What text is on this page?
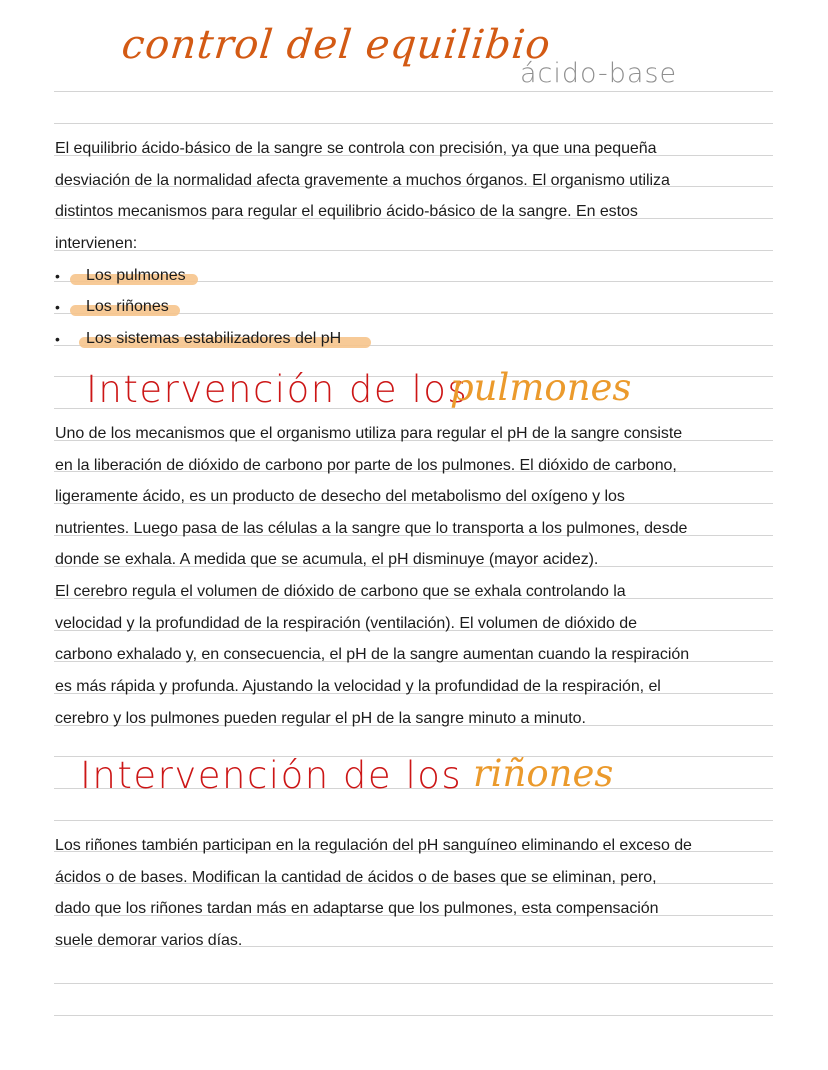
control del equilibio
ácido-base
El equilibrio ácido-básico de la sangre se controla con precisión, ya que una pequeña
desviación de la normalidad afecta gravemente a muchos órganos. El organismo utiliza
distintos mecanismos para regular el equilibrio ácido-básico de la sangre. En estos
intervienen:
• Los pulmones
• Los riñones
• Los sistemas estabilizadores del pH
Intervención de los
pulmones
Uno de los mecanismos que el organismo utiliza para regular el pH de la sangre consiste
en la liberación de dióxido de carbono por parte de los pulmones. El dióxido de carbono,
ligeramente ácido, es un producto de desecho del metabolismo del oxígeno y los
nutrientes. Luego pasa de las células a la sangre que lo transporta a los pulmones, desde
donde se exhala. A medida que se acumula, el pH disminuye (mayor acidez).
El cerebro regula el volumen de dióxido de carbono que se exhala controlando la
velocidad y la profundidad de la respiración (ventilación). El volumen de dióxido de
carbono exhalado y, en consecuencia, el pH de la sangre aumentan cuando la respiración
es más rápida y profunda. Ajustando la velocidad y la profundidad de la respiración, el
cerebro y los pulmones pueden regular el pH de la sangre minuto a minuto.
Intervención de los riñones
Los riñones también participan en la regulación del pH sanguíneo eliminando el exceso de
ácidos o de bases. Modifican la cantidad de ácidos o de bases que se eliminan, pero,
dado que los riñones tardan más en adaptarse que los pulmones, esta compensación
suele demorar varios días.
